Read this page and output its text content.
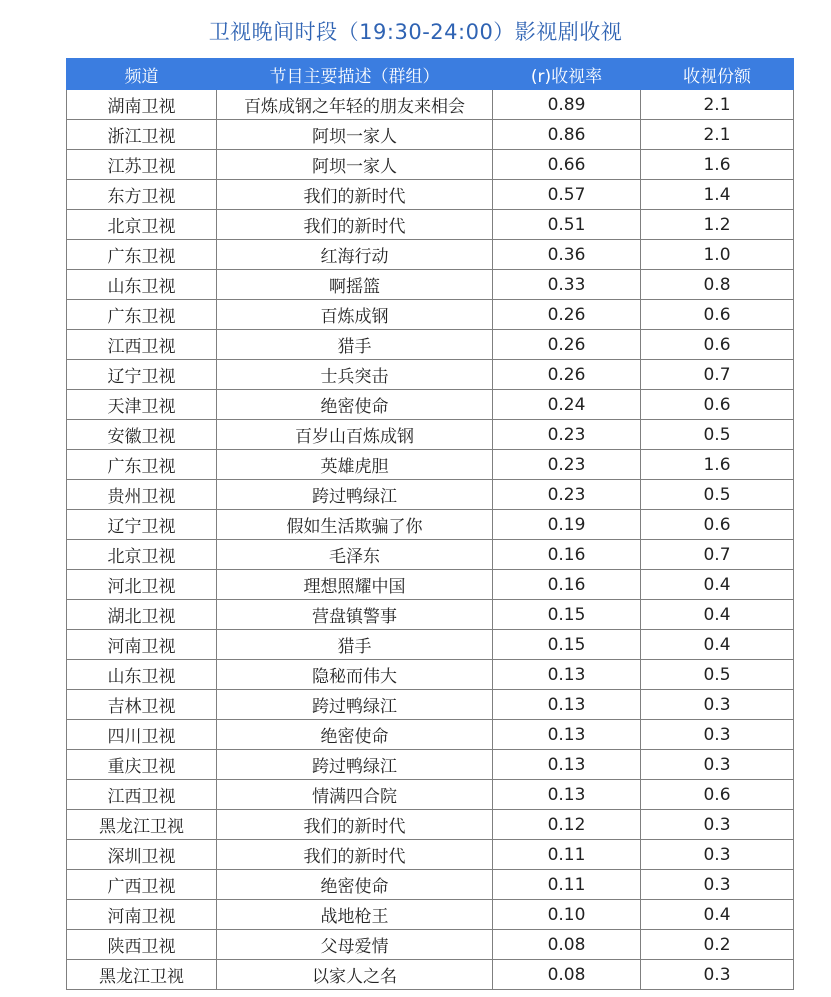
卫视晚间时段（19:30-24:00）影视剧收视
频道	节目主要描述（群组）	(r)收视率	收视份额
湖南卫视	百炼成钢之年轻的朋友来相会	0.89	2.1
浙江卫视	阿坝一家人	0.86	2.1
江苏卫视	阿坝一家人	0.66	1.6
东方卫视	我们的新时代	0.57	1.4
北京卫视	我们的新时代	0.51	1.2
广东卫视	红海行动	0.36	1.0
山东卫视	啊摇篮	0.33	0.8
广东卫视	百炼成钢	0.26	0.6
江西卫视	猎手	0.26	0.6
辽宁卫视	士兵突击	0.26	0.7
天津卫视	绝密使命	0.24	0.6
安徽卫视	百岁山百炼成钢	0.23	0.5
广东卫视	英雄虎胆	0.23	1.6
贵州卫视	跨过鸭绿江	0.23	0.5
辽宁卫视	假如生活欺骗了你	0.19	0.6
北京卫视	毛泽东	0.16	0.7
河北卫视	理想照耀中国	0.16	0.4
湖北卫视	营盘镇警事	0.15	0.4
河南卫视	猎手	0.15	0.4
山东卫视	隐秘而伟大	0.13	0.5
吉林卫视	跨过鸭绿江	0.13	0.3
四川卫视	绝密使命	0.13	0.3
重庆卫视	跨过鸭绿江	0.13	0.3
江西卫视	情满四合院	0.13	0.6
黑龙江卫视	我们的新时代	0.12	0.3
深圳卫视	我们的新时代	0.11	0.3
广西卫视	绝密使命	0.11	0.3
河南卫视	战地枪王	0.10	0.4
陕西卫视	父母爱情	0.08	0.2
黑龙江卫视	以家人之名	0.08	0.3
